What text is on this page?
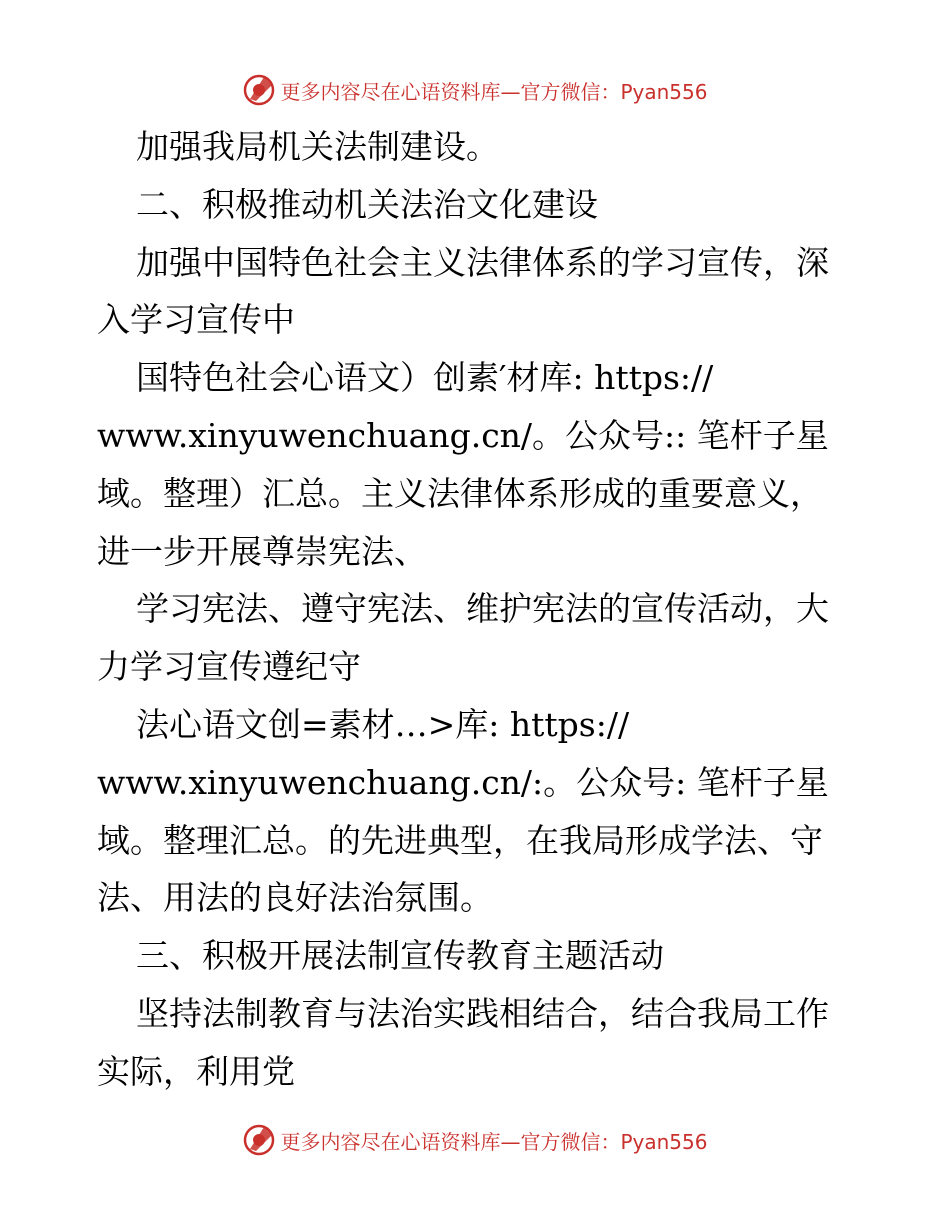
更多内容尽在心语资料库—官方微信：Pyan556
加强我局机关法制建设。
二、积极推动机关法治文化建设
加强中国特色社会主义法律体系的学习宣传，深
入学习宣传中
国特色社会心语文）创素′材库: https://
www.xinyuwenchuang.cn/。公众号:: 笔杆子星
域。整理）汇总。主义法律体系形成的重要意义，
进一步开展尊崇宪法、
学习宪法、遵守宪法、维护宪法的宣传活动，大
力学习宣传遵纪守
法心语文创=素材…>库: https://
www.xinyuwenchuang.cn/:。公众号: 笔杆子星
域。整理汇总。的先进典型，在我局形成学法、守
法、用法的良好法治氛围。
三、积极开展法制宣传教育主题活动
坚持法制教育与法治实践相结合，结合我局工作
实际，利用党
更多内容尽在心语资料库—官方微信：Pyan556
